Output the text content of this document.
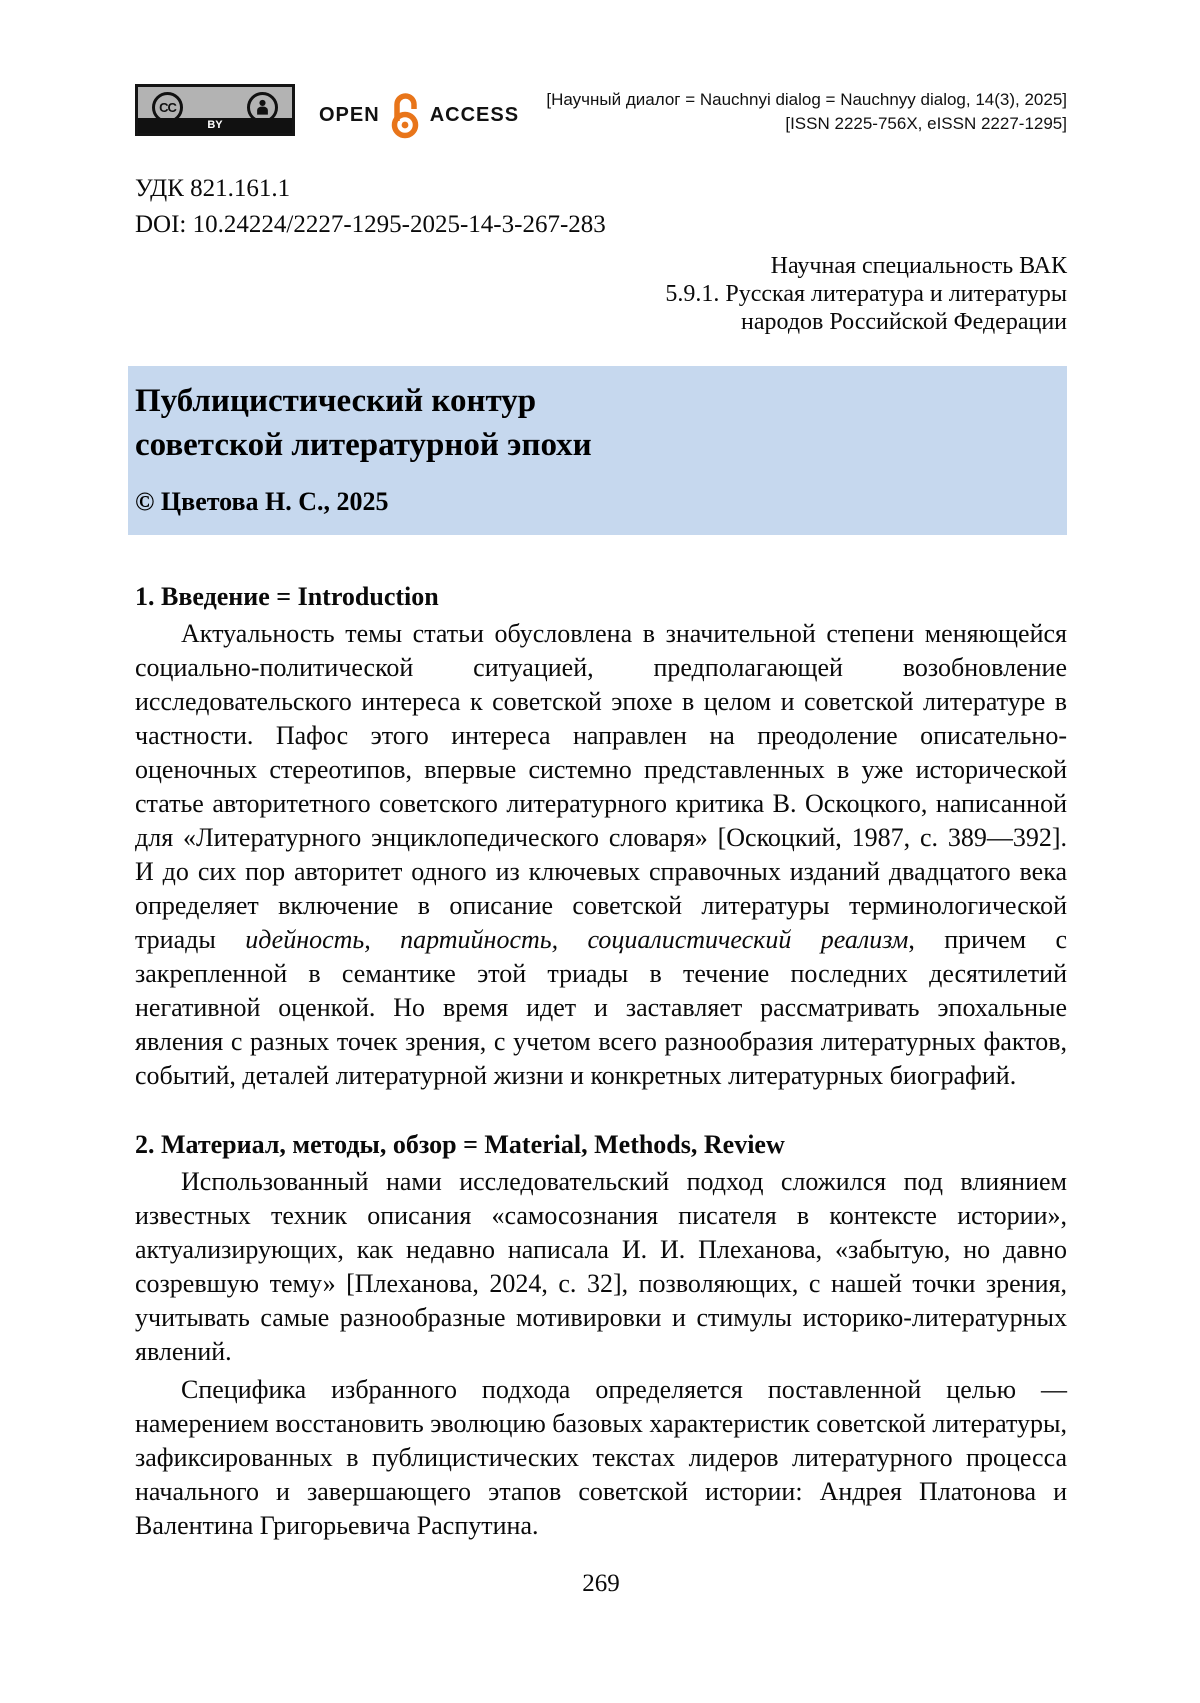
CC
BY	OPEN	ACCESS
[Научный диалог = Nauchnyi dialog = Nauchnyy dialog, 14(3), 2025]
[ISSN 2225-756X, eISSN 2227-1295]
УДК 821.161.1
DOI: 10.24224/2227-1295-2025-14-3-267-283
Научная специальность ВАК
5.9.1. Русская литература и литературы
народов Российской Федерации
Публицистический контур
советской литературной эпохи
© Цветова Н. С., 2025
1. Введение = Introduction

Актуальность темы статьи обусловлена в значительной степени меняющейся социально-политической ситуацией, предполагающей возобновление исследовательского интереса к советской эпохе в целом и советской литературе в частности. Пафос этого интереса направлен на преодоление описательно-оценочных стереотипов, впервые системно представленных в уже исторической статье авторитетного советского литературного критика В. Оскоцкого, написанной для «Литературного энциклопедического словаря» [Оскоцкий, 1987, с. 389—392]. И до сих пор авторитет одного из ключевых справочных изданий двадцатого века определяет включение в описание советской литературы терминологической триады идейность, партийность, социалистический реализм, причем с закрепленной в семантике этой триады в течение последних десятилетий негативной оценкой. Но время идет и заставляет рассматривать эпохальные явления с разных точек зрения, с учетом всего разнообразия литературных фактов, событий, деталей литературной жизни и конкретных литературных биографий.

2. Материал, методы, обзор = Material, Methods, Review

Использованный нами исследовательский подход сложился под влиянием известных техник описания «самосознания писателя в контексте истории», актуализирующих, как недавно написала И. И. Плеханова, «забытую, но давно созревшую тему» [Плеханова, 2024, с. 32], позволяющих, с нашей точки зрения, учитывать самые разнообразные мотивировки и стимулы историко-литературных явлений.

Специфика избранного подхода определяется поставленной целью — намерением восстановить эволюцию базовых характеристик советской литературы, зафиксированных в публицистических текстах лидеров литературного процесса начального и завершающего этапов советской истории: Андрея Платонова и Валентина Григорьевича Распутина.

269
